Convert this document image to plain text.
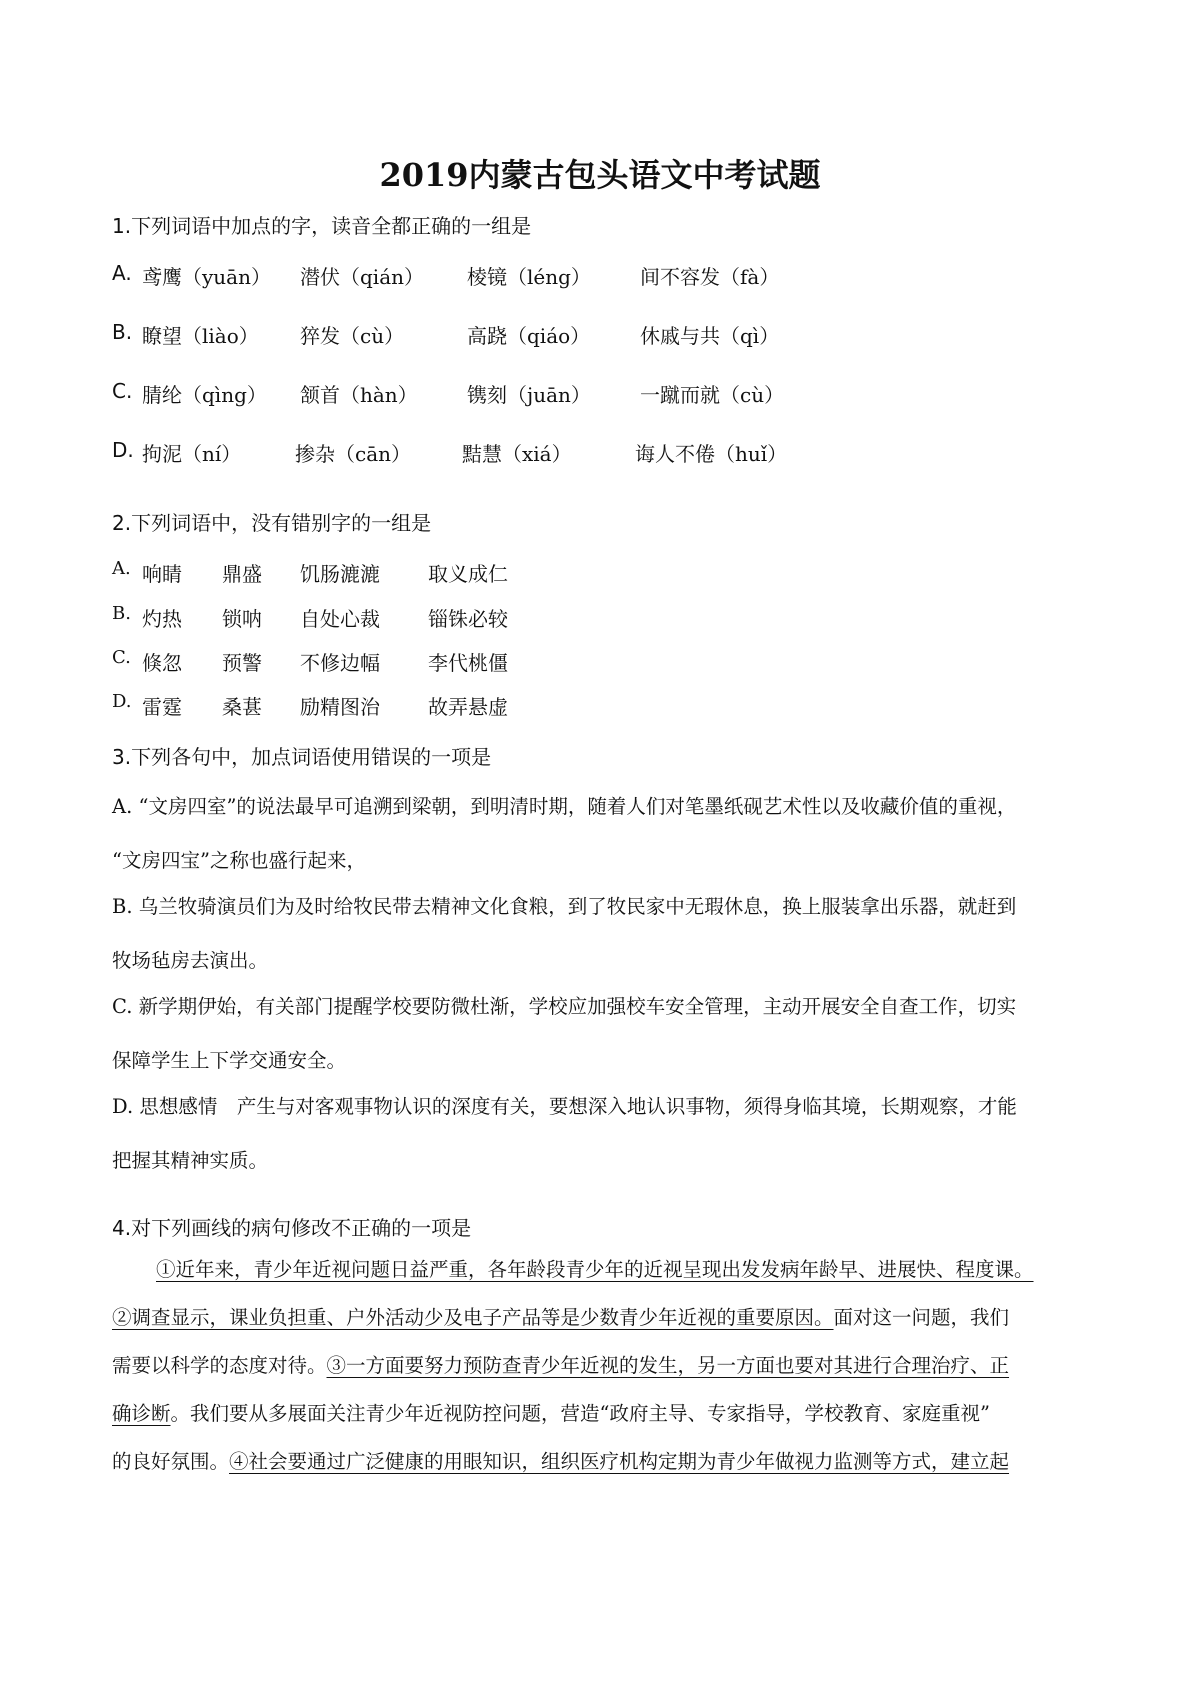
2019内蒙古包头语文中考试题
1.下列词语中加点的字，读音全都正确的一组是
A. 鸢鹰（yuān） 潜伏（qián） 棱镜（léng） 间不容发（fà）
B. 瞭望（liào） 猝发（cù）	高跷（qiáo） 休戚与共（qì）
C. 腈纶（qìng） 颔首（hàn） 镌刻（juān） 一蹴而就（cù）
D. 拘泥（ní）	掺杂（cān）	黠慧（xiá）	诲人不倦（huǐ）
2.下列词语中，没有错别字的一组是
A. 响睛 鼎盛 饥肠漉漉 取义成仁
B. 灼热 锁呐 自处心裁 锱铢必较
C. 倏忽 预警 不修边幅 李代桃僵
D. 雷霆 桑葚 励精图治 故弄悬虚
3.下列各句中，加点词语使用错误的一项是
A. “文房四室”的说法最早可追溯到梁朝，到明清时期，随着人们对笔墨纸砚艺术性以及收藏价值的重视，
“文房四宝”之称也盛行起来，
B. 乌兰牧骑演员们为及时给牧民带去精神文化食粮，到了牧民家中无瑕休息，换上服装拿出乐器，就赶到
牧场毡房去演出。
C. 新学期伊始，有关部门提醒学校要防微杜渐，学校应加强校车安全管理，主动开展安全自查工作，切实
保障学生上下学交通安全。
D. 思想感情　产生与对客观事物认识的深度有关，要想深入地认识事物，须得身临其境，长期观察，才能
把握其精神实质。
4.对下列画线的病句修改不正确的一项是
①近年来，青少年近视问题日益严重，各年龄段青少年的近视呈现出发发病年龄早、进展快、程度课。
②调查显示，课业负担重、户外活动少及电子产品等是少数青少年近视的重要原因。面对这一问题，我们
需要以科学的态度对待。③一方面要努力预防查青少年近视的发生，另一方面也要对其进行合理治疗、正
确诊断。我们要从多展面关注青少年近视防控问题，营造“政府主导、专家指导，学校教育、家庭重视”
的良好氛围。④社会要通过广泛健康的用眼知识，组织医疗机构定期为青少年做视力监测等方式，建立起
